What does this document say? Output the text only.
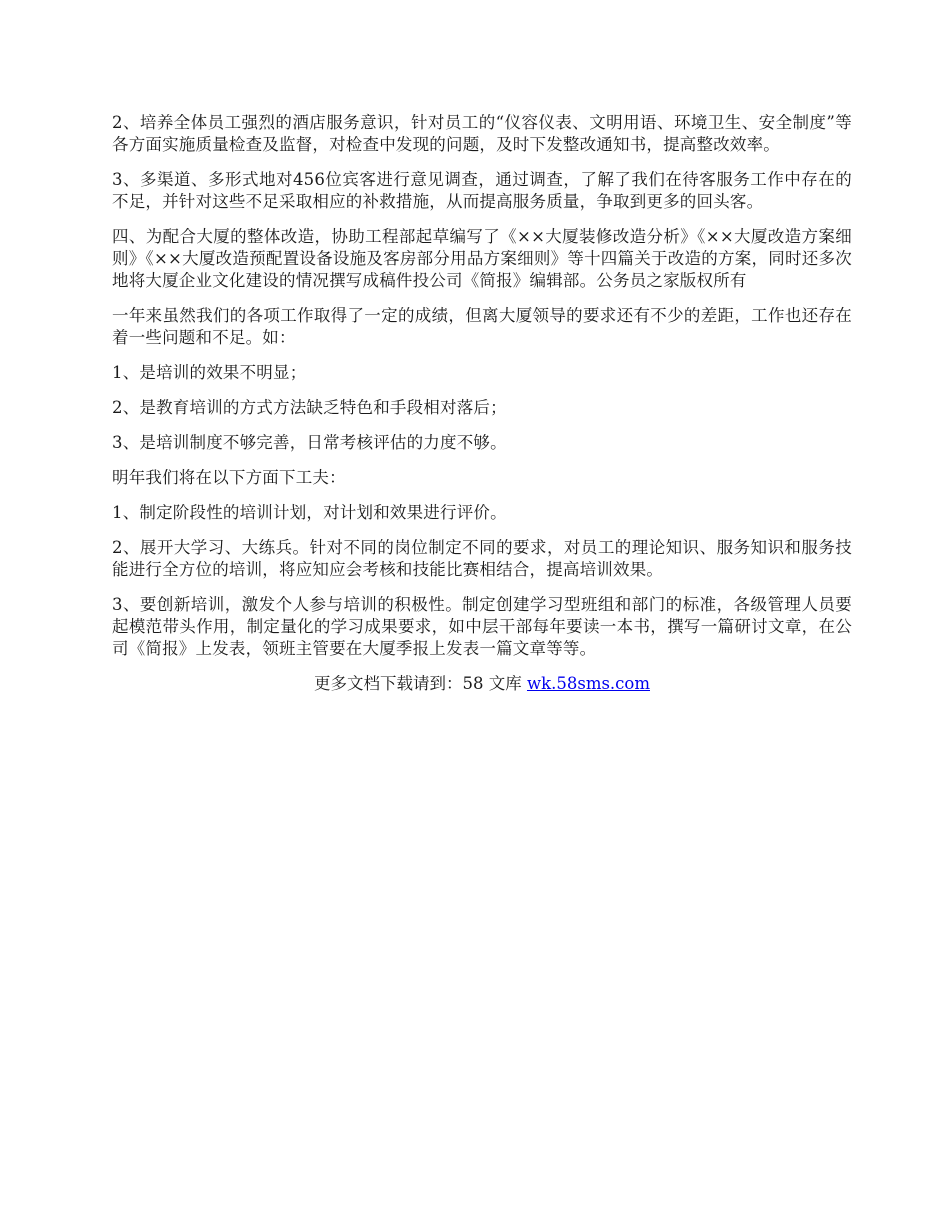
2、培养全体员工强烈的酒店服务意识，针对员工的“仪容仪表、文明用语、环境卫生、安全制度”等各方面实施质量检查及监督，对检查中发现的问题，及时下发整改通知书，提高整改效率。

3、多渠道、多形式地对456位宾客进行意见调查，通过调查，了解了我们在待客服务工作中存在的不足，并针对这些不足采取相应的补救措施，从而提高服务质量，争取到更多的回头客。

四、为配合大厦的整体改造，协助工程部起草编写了《××大厦装修改造分析》《××大厦改造方案细则》《××大厦改造预配置设备设施及客房部分用品方案细则》等十四篇关于改造的方案，同时还多次地将大厦企业文化建设的情况撰写成稿件投公司《简报》编辑部。公务员之家版权所有

一年来虽然我们的各项工作取得了一定的成绩，但离大厦领导的要求还有不少的差距，工作也还存在着一些问题和不足。如：

1、是培训的效果不明显；

2、是教育培训的方式方法缺乏特色和手段相对落后；

3、是培训制度不够完善，日常考核评估的力度不够。

明年我们将在以下方面下工夫：

1、制定阶段性的培训计划，对计划和效果进行评价。

2、展开大学习、大练兵。针对不同的岗位制定不同的要求，对员工的理论知识、服务知识和服务技能进行全方位的培训，将应知应会考核和技能比赛相结合，提高培训效果。

3、要创新培训，激发个人参与培训的积极性。制定创建学习型班组和部门的标准，各级管理人员要起模范带头作用，制定量化的学习成果要求，如中层干部每年要读一本书，撰写一篇研讨文章，在公司《简报》上发表，领班主管要在大厦季报上发表一篇文章等等。

更多文档下载请到：58 文库 wk.58sms.com
